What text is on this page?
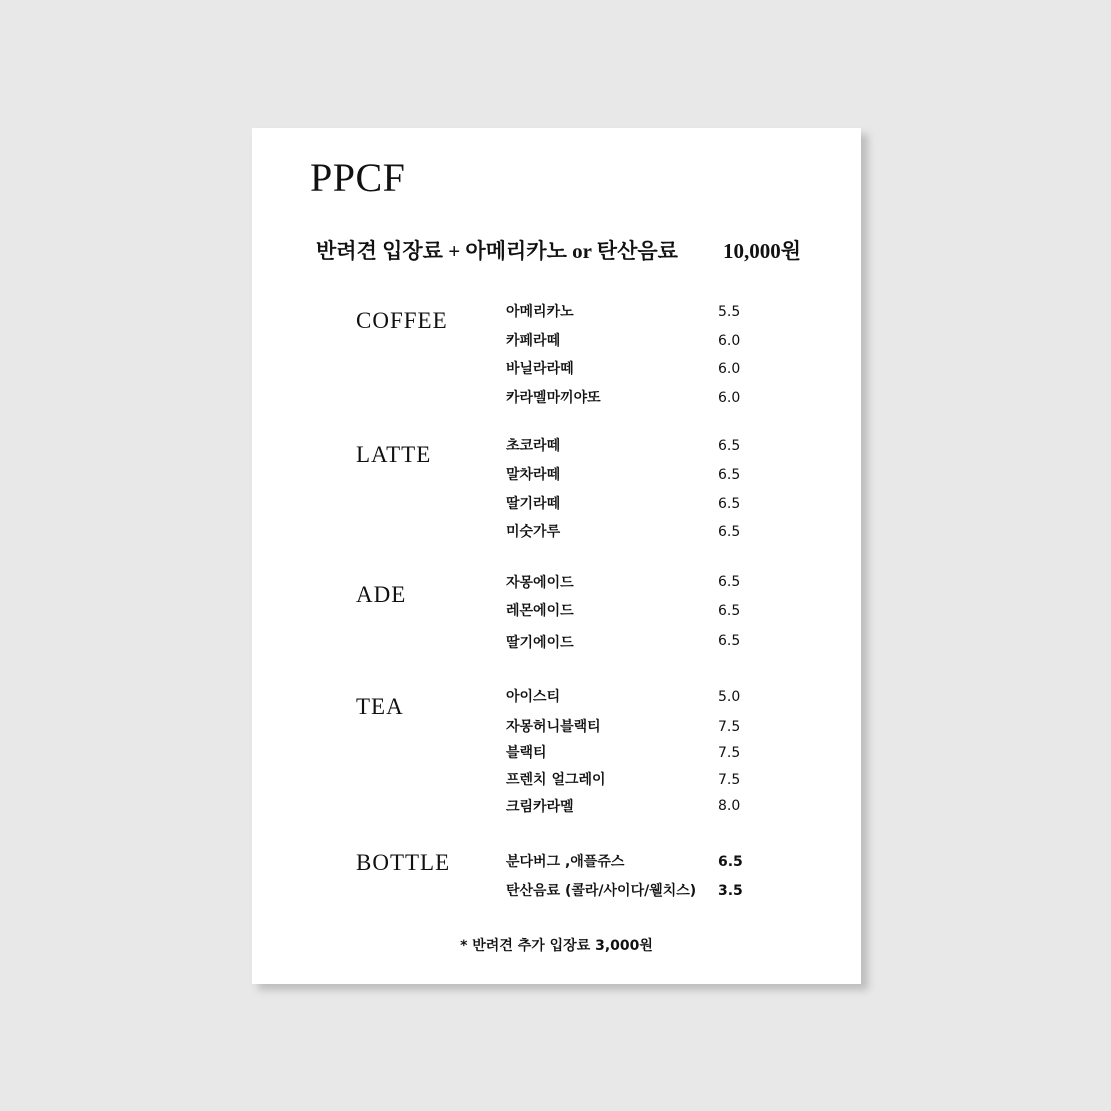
PPCF
반려견 입장료 + 아메리카노 or 탄산음료 10,000원
COFFEE	아메리카노	5.5
카페라떼	6.0
바닐라라떼	6.0
카라멜마끼야또	6.0
LATTE	초코라떼	6.5
말차라떼	6.5
딸기라떼	6.5
미숫가루	6.5
ADE	자몽에이드	6.5
레몬에이드	6.5
딸기에이드	6.5
TEA	아이스티	5.0
자몽허니블랙티	7.5
블랙티	7.5
프렌치 얼그레이	7.5
크림카라멜	8.0
BOTTLE	분다버그 ,애플쥬스	6.5
탄산음료 (콜라/사이다/웰치스) 3.5
* 반려견 추가 입장료 3,000원
